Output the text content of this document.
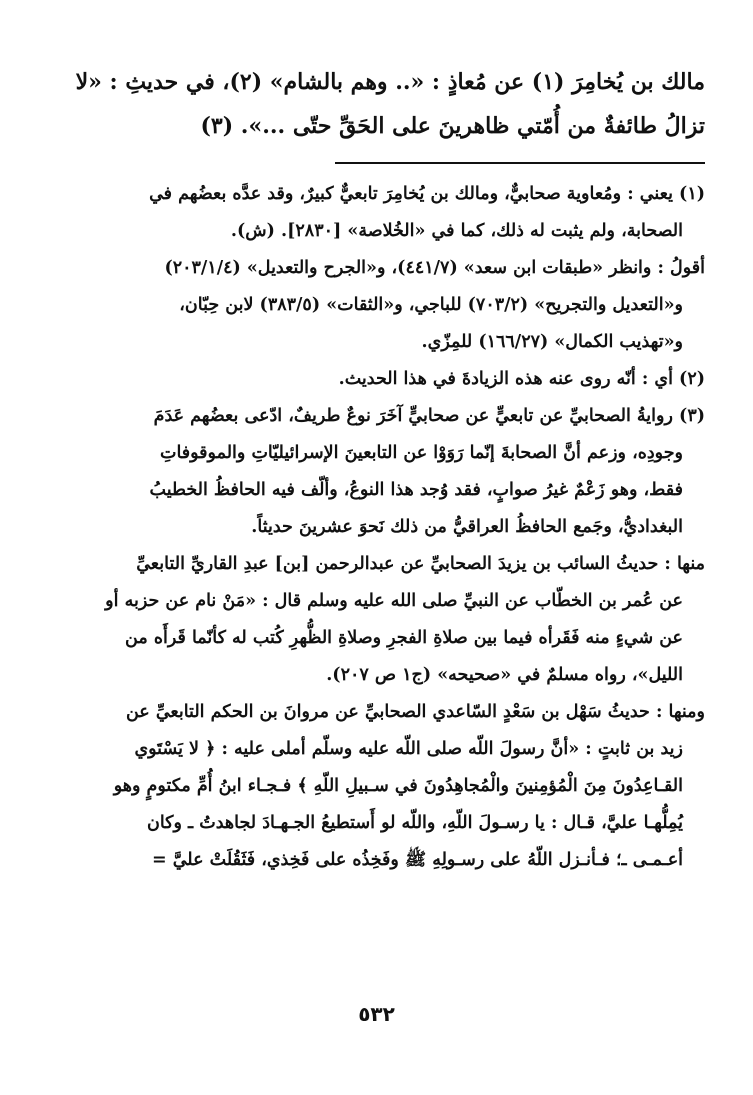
مالك بن يُخامِرَ (١) عن مُعاذٍ : «.. وهم بالشام» (٢)، في حديثِ : «لا

تزالُ طائفةٌ من أُمّتي ظاهرينَ على الحَقِّ حتّى ...». (٣)

(١) يعني : ومُعاوية صحابيٌّ، ومالك بن يُخامِرَ تابعيٌّ كبيرٌ، وقد عدَّه بعضُهم في

الصحابة، ولم يثبت له ذلك، كما في «الخُلاصة» [٢٨٣٠]. (ش).

أقولُ : وانظر «طبقات ابن سعد» (٤٤١/٧)، و«الجرح والتعديل» (٢٠٣/١/٤)

و«التعديل والتجريح» (٧٠٣/٢) للباجي، و«الثقات» (٣٨٣/٥) لابن حِبّان،

و«تهذيب الكمال» (١٦٦/٢٧) للمِزّي.

(٢) أي : أنّه روى عنه هذه الزيادةَ في هذا الحديث.

(٣) روايةُ الصحابيِّ عن تابعيٍّ عن صحابيٍّ آخَرَ نوعٌ طريفٌ، ادّعى بعضُهم عَدَمَ

وجودِه، وزعم أنَّ الصحابةَ إنّما رَوَوْا عن التابعينَ الإسرائيليّاتِ والموقوفاتِ

فقط، وهو زَعْمٌ غيرُ صوابٍ، فقد وُجد هذا النوعُ، وألّف فيه الحافظُ الخطيبُ

البغداديُّ، وجَمع الحافظُ العراقيُّ من ذلك نَحوَ عشرينَ حديثاً.

منها : حديثُ السائب بن يزيدَ الصحابيِّ عن عبدالرحمن [بن] عبدِ القاريِّ التابعيِّ

عن عُمر بن الخطّاب عن النبيِّ صلى الله عليه وسلم قال : «مَنْ نام عن حزبه أو

عن شيءٍ منه فَقَرأه فيما بين صلاةِ الفجرِ وصلاةِ الظُّهرِ كُتب له كأنّما قَرأَه من

الليل»، رواه مسلمٌ في «صحيحه» (ج١ ص ٢٠٧).

ومنها : حديثُ سَهْل بن سَعْدٍ السّاعدي الصحابيِّ عن مروانَ بن الحكم التابعيِّ عن

زيد بن ثابتٍ : «أنَّ رسولَ اللّه صلى اللّه عليه وسلّم أملى عليه : ﴿ لا يَسْتَوي

القـاعِدُونَ مِنَ الْمُؤمِنينَ والْمُجاهِدُونَ في سـبيلِ اللّهِ ﴾ فـجـاء ابنُ أُمِّ مكتومٍ وهو

يُمِلُّهـا عليَّ، قـال : يا رسـولَ اللّهِ، واللّه لو أَستطيعُ الجـهـادَ لجاهدتُ ـ وكان

أعـمـى ـ؛ فـأنـزل اللّهُ على رسـولِهِ ﷺ وفَخِذُه على فَخِذي، فَثَقُلَتْ عليَّ =

٥٣٢
